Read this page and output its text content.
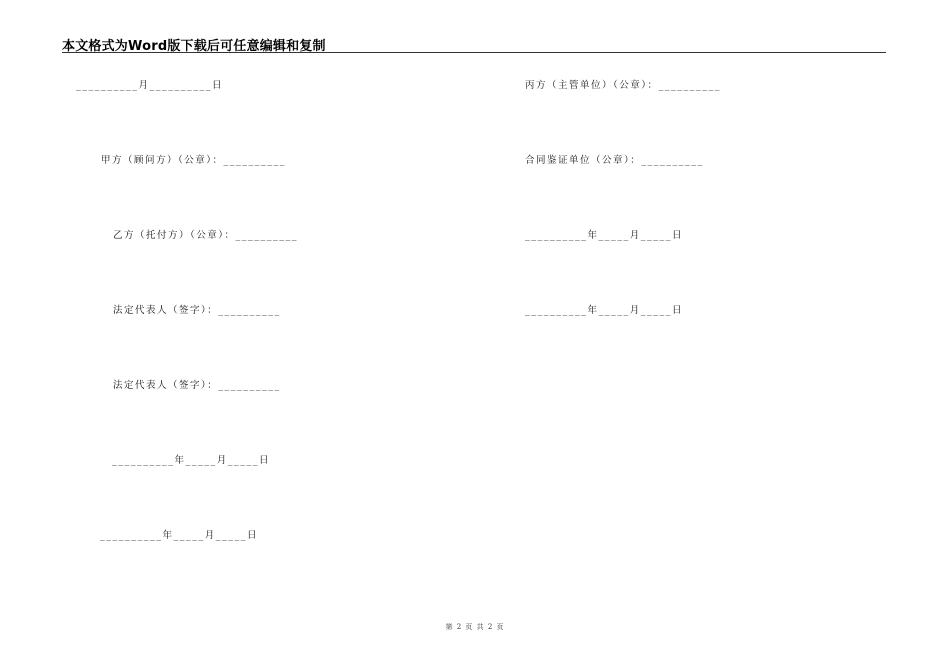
本文格式为Word版下载后可任意编辑和复制
__________月__________日
甲方（顾问方）（公章）：__________
乙方（托付方）（公章）：__________
法定代表人（签字）：__________
法定代表人（签字）：__________
__________年_____月_____日
__________年_____月_____日
丙方（主管单位）（公章）：__________
合同鉴证单位（公章）：__________
__________年_____月_____日
__________年_____月_____日
第 2 页 共 2 页
